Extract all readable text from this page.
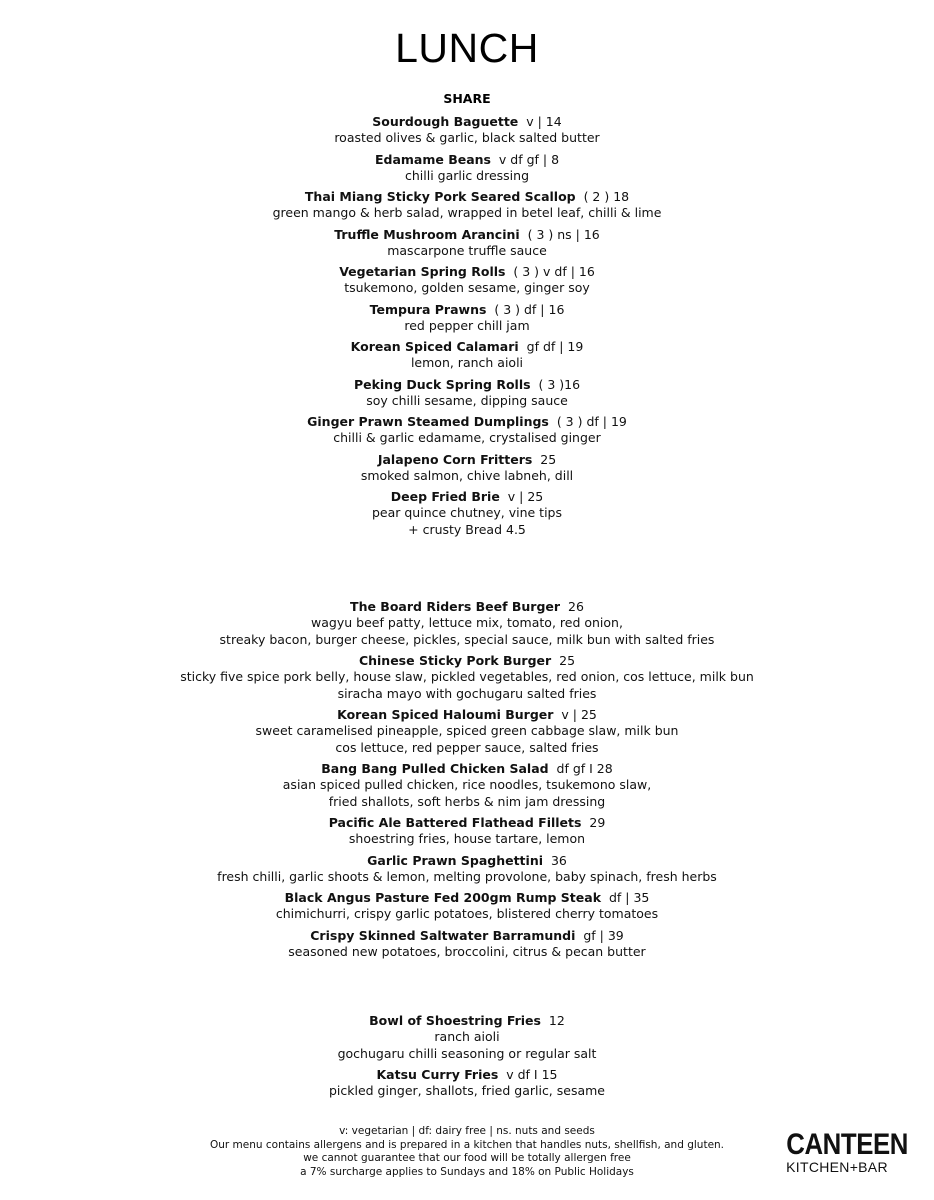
LUNCH
SHARE
Sourdough Baguette  v | 14
roasted olives & garlic, black salted butter
Edamame Beans  v df gf | 8
chilli garlic dressing
Thai Miang Sticky Pork Seared Scallop  ( 2 ) 18
green mango & herb salad, wrapped in betel leaf, chilli & lime
Truffle Mushroom Arancini  ( 3 ) ns | 16
mascarpone truffle sauce
Vegetarian Spring Rolls  ( 3 ) v df | 16
tsukemono, golden sesame, ginger soy
Tempura Prawns  ( 3 ) df | 16
red pepper chill jam
Korean Spiced Calamari  gf df | 19
lemon, ranch aioli
Peking Duck Spring Rolls  ( 3 )16
soy chilli sesame, dipping sauce
Ginger Prawn Steamed Dumplings  ( 3 ) df | 19
chilli & garlic edamame, crystalised ginger
Jalapeno Corn Fritters  25
smoked salmon, chive labneh, dill
Deep Fried Brie  v | 25
pear quince chutney, vine tips
+ crusty Bread 4.5
The Board Riders Beef Burger  26
wagyu beef patty, lettuce mix, tomato, red onion,
streaky bacon, burger cheese, pickles, special sauce, milk bun with salted fries
Chinese Sticky Pork Burger  25
sticky five spice pork belly, house slaw, pickled vegetables, red onion, cos lettuce, milk bun
siracha mayo with gochugaru salted fries
Korean Spiced Haloumi Burger  v | 25
sweet caramelised pineapple, spiced green cabbage slaw, milk bun
cos lettuce, red pepper sauce, salted fries
Bang Bang Pulled Chicken Salad  df gf I 28
asian spiced pulled chicken, rice noodles, tsukemono slaw,
fried shallots, soft herbs & nim jam dressing
Pacific Ale Battered Flathead Fillets  29
shoestring fries, house tartare, lemon
Garlic Prawn Spaghettini  36
fresh chilli, garlic shoots & lemon, melting provolone, baby spinach, fresh herbs
Black Angus Pasture Fed 200gm Rump Steak  df | 35
chimichurri, crispy garlic potatoes, blistered cherry tomatoes
Crispy Skinned Saltwater Barramundi  gf | 39
seasoned new potatoes, broccolini, citrus & pecan butter
Bowl of Shoestring Fries  12
ranch aioli
gochugaru chilli seasoning or regular salt
Katsu Curry Fries  v df I 15
pickled ginger, shallots, fried garlic, sesame
v: vegetarian | df: dairy free | ns. nuts and seeds
Our menu contains allergens and is prepared in a kitchen that handles nuts, shellfish, and gluten.
we cannot guarantee that our food will be totally allergen free
a 7% surcharge applies to Sundays and 18% on Public Holidays
CANTEEN
KITCHEN+BAR
